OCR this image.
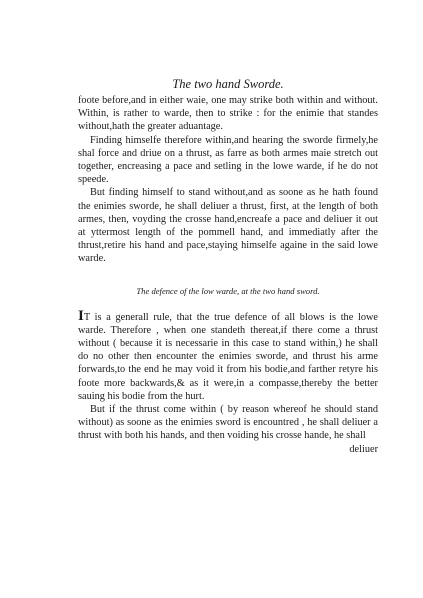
The two hand Sworde.

foote before,and in either waie, one may strike both within and without. Within, is rather to warde, then to strike : for the enimie that standes without,hath the greater aduantage.

Finding himselfe therefore within,and hearing the sworde firmely,he shal force and driue on a thrust, as farre as both armes maie stretch out together, encreasing a pace and setling in the lowe warde, if he do not speede.

But finding himself to stand without,and as soone as he hath found the enimies sworde, he shall deliuer a thrust, first, at the length of both armes, then, voyding the crosse hand,encreafe a pace and deliuer it out at yttermost length of the pommell hand, and immediatly after the thrust,retire his hand and pace,staying himselfe againe in the said lowe warde.

The defence of the low warde, at the two hand sword.

IT is a generall rule, that the true defence of all blows is the lowe warde. Therefore , when one standeth thereat,if there come a thrust without ( because it is necessarie in this case to stand within,) he shall do no other then encounter the enimies sworde, and thrust his arme forwards,to the end he may void it from his bodie,and farther retyre his foote more backwards,& as it were,in a compasse,thereby the better sauing his bodie from the hurt.

But if the thrust come within ( by reason whereof he should stand without) as soone as the enimies sword is encountred , he shall deliuer a thrust with both his hands, and then voiding his crosse hande, he shall

deliuer
